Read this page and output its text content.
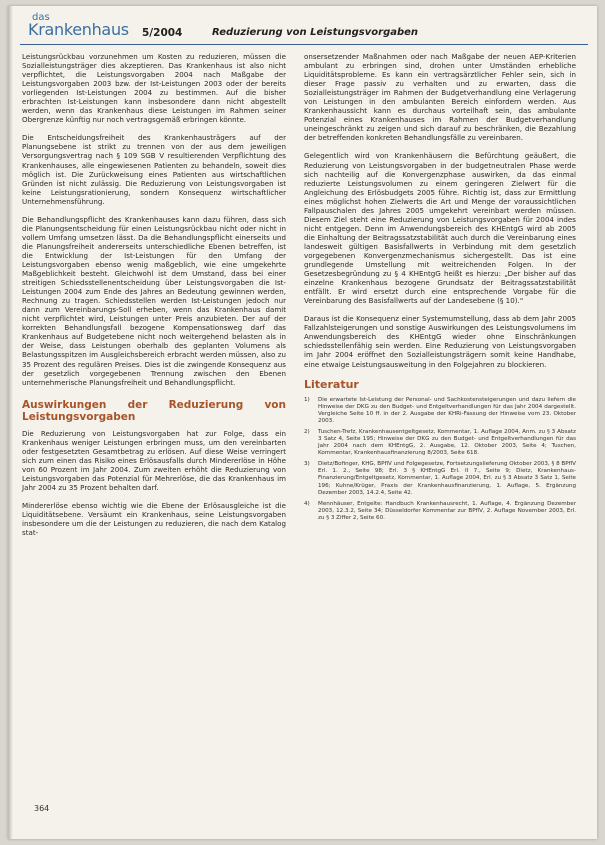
das
Krankenhaus 5/2004	Reduzierung von Leistungsvorgaben

Leistungsrückbau vorzunehmen um Kosten zu reduzieren, müssen die Sozialleistungsträger dies akzeptieren. Das Krankenhaus ist also nicht verpflichtet, die Leistungsvorgaben 2004 nach Maßgabe der Leistungsvorgaben 2003 bzw. der Ist-Leistungen 2003 oder der bereits vorliegenden Ist-Leistungen 2004 zu bestimmen. Auf die bisher erbrachten Ist-Leistungen kann insbesondere dann nicht abgestellt werden, wenn das Krankenhaus diese Leistungen im Rahmen seiner Obergrenze künftig nur noch vertragsgemäß erbringen könnte.

Die Entscheidungsfreiheit des Krankenhausträgers auf der Planungsebene ist strikt zu trennen von der aus dem jeweiligen Versorgungsvertrag nach § 109 SGB V resultierenden Verpflichtung des Krankenhauses, alle eingewiesenen Patienten zu behandeln, soweit dies möglich ist. Die Zurückweisung eines Patienten aus wirtschaftlichen Gründen ist nicht zulässig. Die Reduzierung von Leistungsvorgaben ist keine Leistungsrationierung, sondern Konsequenz wirtschaftlicher Unternehmensführung.

Die Behandlungspflicht des Krankenhauses kann dazu führen, dass sich die Planungsentscheidung für einen Leistungsrückbau nicht oder nicht in vollem Umfang umsetzen lässt. Da die Behandlungspflicht einerseits und die Planungsfreiheit andererseits unterschiedliche Ebenen betreffen, ist die Entwicklung der Ist-Leistungen für den Umfang der Leistungsvorgaben ebenso wenig maßgeblich, wie eine umgekehrte Maßgeblichkeit besteht. Gleichwohl ist dem Umstand, dass bei einer streitigen Schiedsstellenentscheidung über Leistungsvorgaben die Ist-Leistungen 2004 zum Ende des Jahres an Bedeutung gewinnen werden, Rechnung zu tragen. Schiedsstellen werden Ist-Leistungen jedoch nur dann zum Vereinbarungs-Soll erheben, wenn das Krankenhaus damit nicht verpflichtet wird, Leistungen unter Preis anzubieten. Der auf der korrekten Behandlungsfall bezogene Kompensationsweg darf das Krankenhaus auf Budgetebene nicht noch weitergehend belasten als in der Weise, dass Leistungen oberhalb des geplanten Volumens als Belastungsspitzen im Ausgleichsbereich erbracht werden müssen, also zu 35 Prozent des regulären Preises. Dies ist die zwingende Konsequenz aus der gesetzlich vorgegebenen Trennung zwischen den Ebenen unternehmerische Planungsfreiheit und Behandlungspflicht.

Auswirkungen der Reduzierung von Leistungsvorgaben

Die Reduzierung von Leistungsvorgaben hat zur Folge, dass ein Krankenhaus weniger Leistungen erbringen muss, um den vereinbarten oder festgesetzten Gesamtbetrag zu erlösen. Auf diese Weise verringert sich zum einen das Risiko eines Erlösausfalls durch Mindererlöse in Höhe von 60 Prozent im Jahr 2004. Zum zweiten erhöht die Reduzierung von Leistungsvorgaben das Potenzial für Mehrerlöse, die das Krankenhaus im Jahr 2004 zu 35 Prozent behalten darf.

Mindererlöse ebenso wichtig wie die Ebene der Erlösausgleiche ist die Liquiditätsebene. Versäumt ein Krankenhaus, seine Leistungsvorgaben insbesondere um die der Leistungen zu reduzieren, die nach dem Katalog stat-

onsersetzender Maßnahmen oder nach Maßgabe der neuen AEP-Kriterien ambulant zu erbringen sind, drohen unter Umständen erhebliche Liquiditätsprobleme. Es kann ein vertragsärztlicher Fehler sein, sich in dieser Frage passiv zu verhalten und zu erwarten, dass die Sozialleistungsträger im Rahmen der Budgetverhandlung eine Verlagerung von Leistungen in den ambulanten Bereich einfordern werden. Aus Krankenhaussicht kann es durchaus vorteilhaft sein, das ambulante Potenzial eines Krankenhauses im Rahmen der Budgetverhandlung uneingeschränkt zu zeigen und sich darauf zu beschränken, die Bezahlung der betreffenden konkreten Behandlungsfälle zu vereinbaren.

Gelegentlich wird von Krankenhäusern die Befürchtung geäußert, die Reduzierung von Leistungsvorgaben in der budgetneutralen Phase werde sich nachteilig auf die Konvergenzphase auswirken, da das einmal reduzierte Leistungsvolumen zu einem geringeren Zielwert für die Angleichung des Erlösbudgets 2005 führe. Richtig ist, dass zur Ermittlung eines möglichst hohen Zielwerts die Art und Menge der voraussichtlichen Fallpauschalen des Jahres 2005 umgekehrt vereinbart werden müssen. Diesem Ziel steht eine Reduzierung von Leistungsvorgaben für 2004 indes nicht entgegen. Denn im Anwendungsbereich des KHEntgG wird ab 2005 die Einhaltung der Beitragssatzstabilität auch durch die Vereinbarung eines landesweit gültigen Basisfallwerts in Verbindung mit dem gesetzlich vorgegebenen Konvergenzmechanismus sichergestellt. Das ist eine grundlegende Umstellung mit weitreichenden Folgen. In der Gesetzesbegründung zu § 4 KHEntgG heißt es hierzu: „Der bisher auf das einzelne Krankenhaus bezogene Grundsatz der Beitragssatzstabilität entfällt. Er wird ersetzt durch eine entsprechende Vorgabe für die Vereinbarung des Basisfallwerts auf der Landesebene (§ 10).“

Daraus ist die Konsequenz einer Systemumstellung, dass ab dem Jahr 2005 Fallzahlsteigerungen und sonstige Auswirkungen des Leistungsvolumens im Anwendungsbereich des KHEntgG wieder ohne Einschränkungen schiedsstellenfähig sein werden. Eine Reduzierung von Leistungsvorgaben im Jahr 2004 eröffnet den Sozialleistungsträgern somit keine Handhabe, eine etwaige Leistungsausweitung in den Folgejahren zu blockieren.

Literatur
1) Die erwartete Ist-Leistung der Personal- und Sachkostensteigerungen und dazu liefern die Hinweise der DKG zu den Budget- und Entgeltverhandlungen für das Jahr 2004 dargestellt. Vergleiche Seite 10 ff. in der 2. Ausgabe der KHRi-Fassung der Hinweise vom 23. Oktober 2003.
2) Tuschen-Trefz, Krankenhausentgeltgesetz, Kommentar, 1. Auflage 2004, Anm. zu § 3 Absatz 3 Satz 4, Seite 195; Hinweise der DKG zu den Budget- und Entgeltverhandlungen für das Jahr 2004 nach dem KHEntgG, 2. Ausgabe, 12. Oktober 2003, Seite 4; Tuschen, Kommentar, Krankenhausfinanzierung 8/2003, Seite 618.
3) Dietz/Bofinger, KHG, BPflV und Folgegesetze, Fortsetzungslieferung Oktober 2003, § 8 BPflV Erl. 1. 2., Seite 98; Erl. 3 § KHEntgG Erl. II 7., Seite 9; Dietz, Krankenhaus-Finanzierung/Entgeltgesetz, Kommentar, 1. Auflage 2004, Erl. zu § 3 Absatz 3 Satz 1, Seite 196; Kuhne/Krüger, Praxis der Krankenhausfinanzierung, 1. Auflage, 5. Ergänzung Dezember 2003, 14.2.4, Seite 42.
4) Mennhäuser, Entgelte: Handbuch Krankenhausrecht, 1. Auflage, 4. Ergänzung Dezember 2003, 12.3.2, Seite 34; Düsseldorfer Kommentar zur BPflV, 2. Auflage November 2003, Erl. zu § 3 Ziffer 2, Seite 60.
364
